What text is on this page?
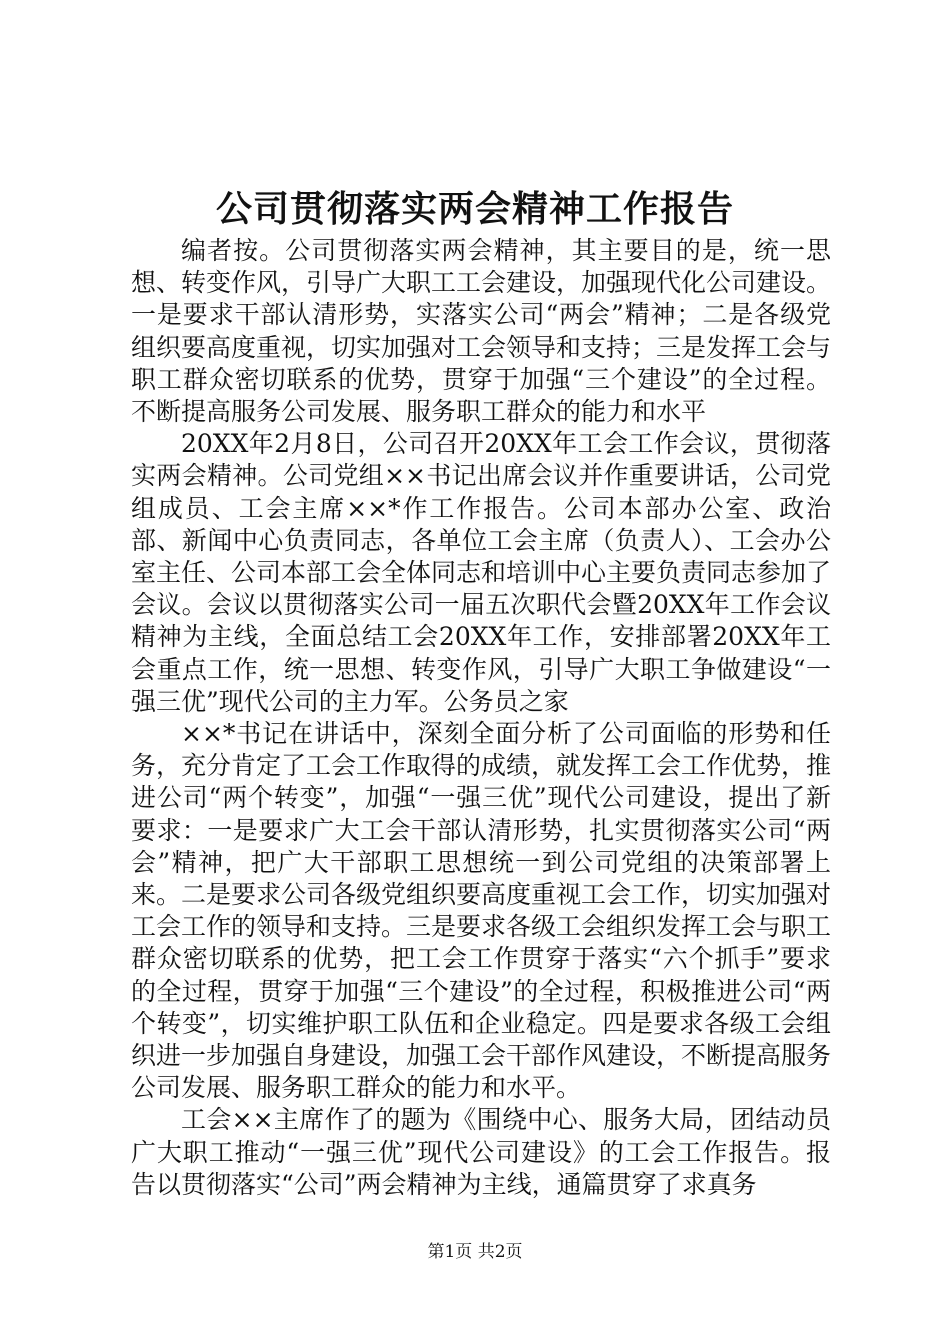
公司贯彻落实两会精神工作报告

编者按。公司贯彻落实两会精神，其主要目的是，统一思想、转变作风，引导广大职工工会建设，加强现代化公司建设。一是要求干部认清形势，实落实公司“两会”精神；二是各级党组织要高度重视，切实加强对工会领导和支持；三是发挥工会与职工群众密切联系的优势，贯穿于加强“三个建设”的全过程。不断提高服务公司发展、服务职工群众的能力和水平

20XX年2月8日，公司召开20XX年工会工作会议，贯彻落实两会精神。公司党组××书记出席会议并作重要讲话，公司党组成员、工会主席××*作工作报告。公司本部办公室、政治部、新闻中心负责同志，各单位工会主席（负责人）、工会办公室主任、公司本部工会全体同志和培训中心主要负责同志参加了会议。会议以贯彻落实公司一届五次职代会暨20XX年工作会议精神为主线，全面总结工会20XX年工作，安排部署20XX年工会重点工作，统一思想、转变作风，引导广大职工争做建设“一强三优”现代公司的主力军。公务员之家

××*书记在讲话中，深刻全面分析了公司面临的形势和任务，充分肯定了工会工作取得的成绩，就发挥工会工作优势，推进公司“两个转变”，加强“一强三优”现代公司建设，提出了新要求：一是要求广大工会干部认清形势，扎实贯彻落实公司“两会”精神，把广大干部职工思想统一到公司党组的决策部署上来。二是要求公司各级党组织要高度重视工会工作，切实加强对工会工作的领导和支持。三是要求各级工会组织发挥工会与职工群众密切联系的优势，把工会工作贯穿于落实“六个抓手”要求的全过程，贯穿于加强“三个建设”的全过程，积极推进公司“两个转变”，切实维护职工队伍和企业稳定。四是要求各级工会组织进一步加强自身建设，加强工会干部作风建设，不断提高服务公司发展、服务职工群众的能力和水平。

工会××主席作了的题为《围绕中心、服务大局，团结动员广大职工推动“一强三优”现代公司建设》的工会工作报告。报告以贯彻落实“公司”两会精神为主线，通篇贯穿了求真务

第1页 共2页
